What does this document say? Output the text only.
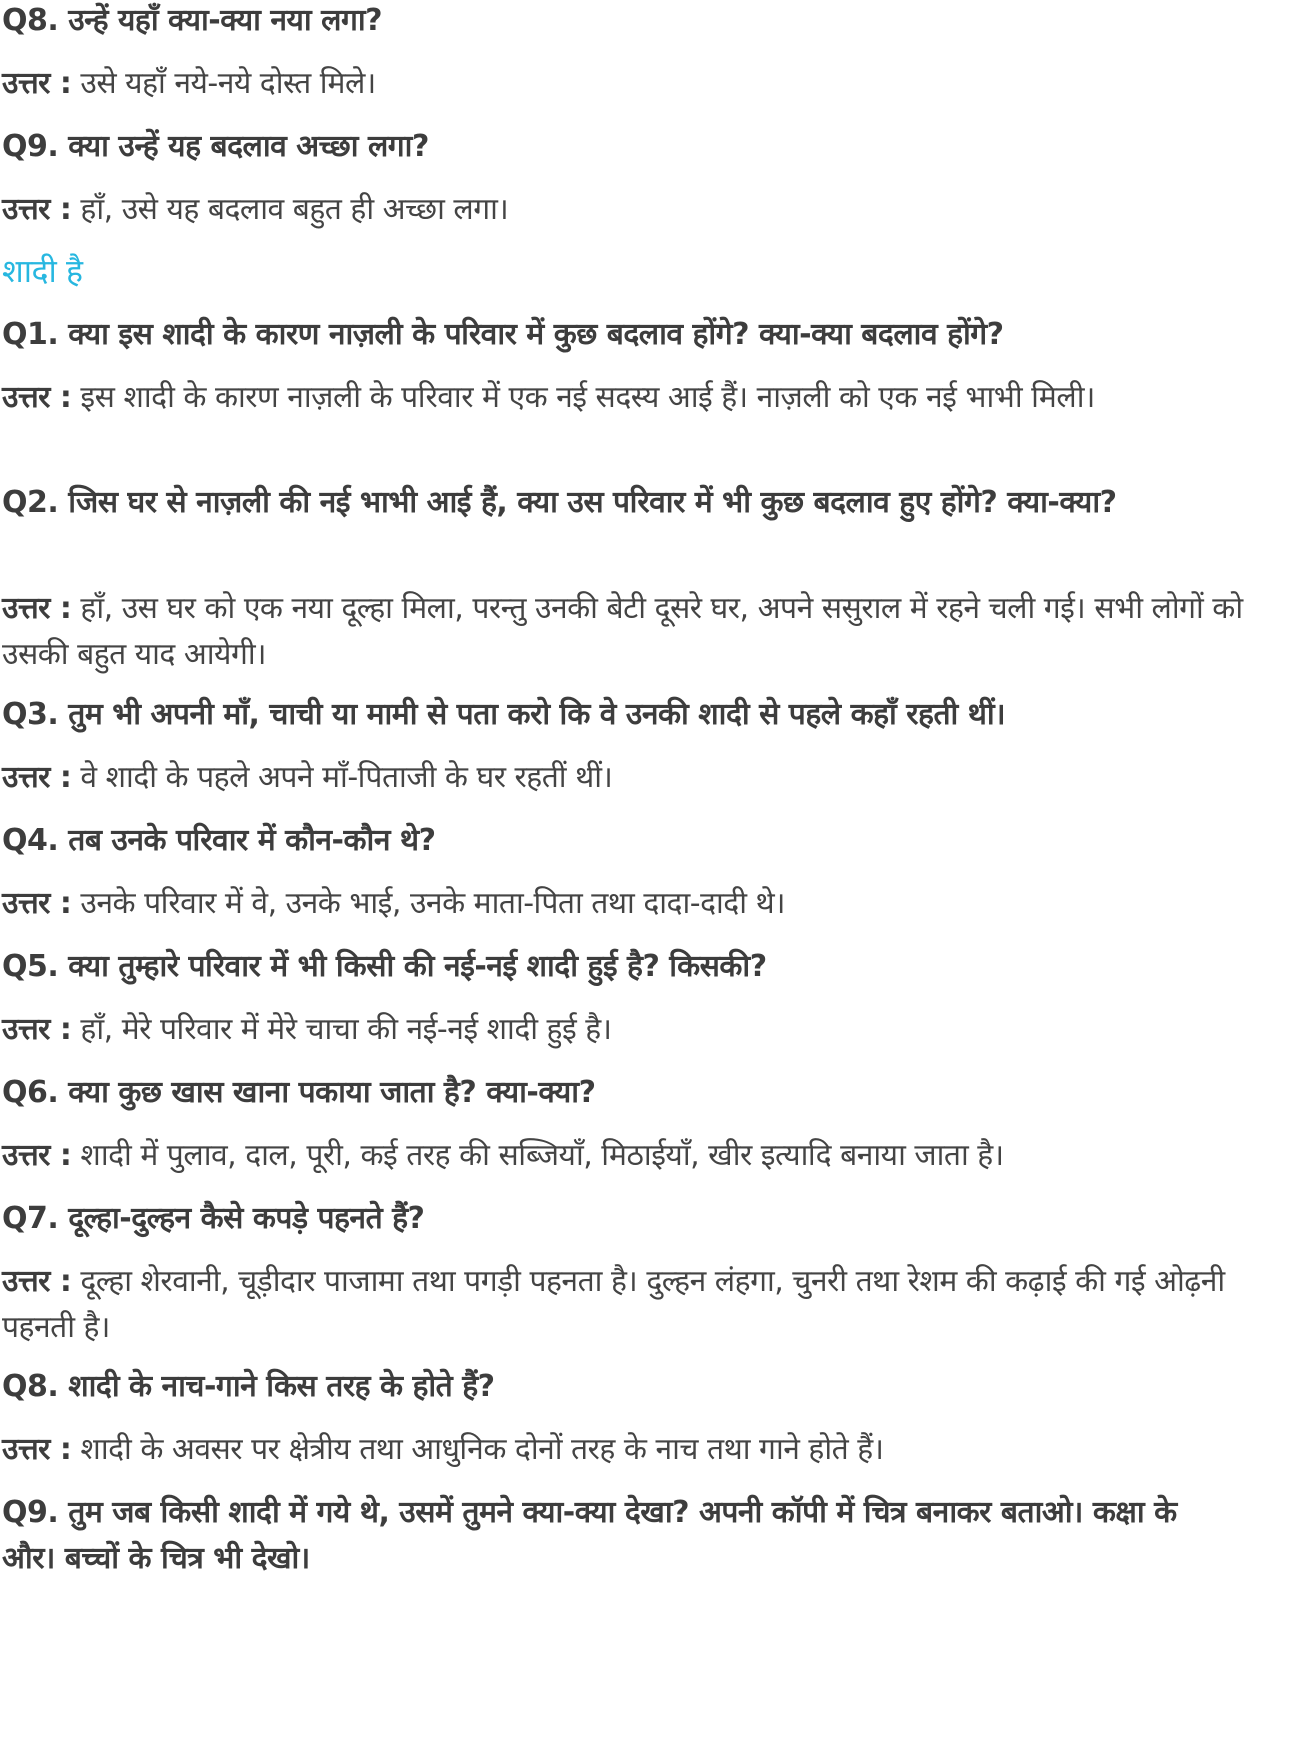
Q8. उन्हें यहाँ क्या-क्या नया लगा?
उत्तर : उसे यहाँ नये-नये दोस्त मिले।
Q9. क्या उन्हें यह बदलाव अच्छा लगा?
उत्तर : हाँ, उसे यह बदलाव बहुत ही अच्छा लगा।
शादी है
Q1. क्या इस शादी के कारण नाज़ली के परिवार में कुछ बदलाव होंगे? क्या-क्या बदलाव होंगे?
उत्तर : इस शादी के कारण नाज़ली के परिवार में एक नई सदस्य आई हैं। नाज़ली को एक नई भाभी मिली।
Q2. जिस घर से नाज़ली की नई भाभी आई हैं, क्या उस परिवार में भी कुछ बदलाव हुए होंगे? क्या-क्या?
उत्तर : हाँ, उस घर को एक नया दूल्हा मिला, परन्तु उनकी बेटी दूसरे घर, अपने ससुराल में रहने चली गई। सभी लोगों को उसकी बहुत याद आयेगी।
Q3. तुम भी अपनी माँ, चाची या मामी से पता करो कि वे उनकी शादी से पहले कहाँ रहती थीं।
उत्तर : वे शादी के पहले अपने माँ-पिताजी के घर रहतीं थीं।
Q4. तब उनके परिवार में कौन-कौन थे?
उत्तर : उनके परिवार में वे, उनके भाई, उनके माता-पिता तथा दादा-दादी थे।
Q5. क्या तुम्हारे परिवार में भी किसी की नई-नई शादी हुई है? किसकी?
उत्तर : हाँ, मेरे परिवार में मेरे चाचा की नई-नई शादी हुई है।
Q6. क्या कुछ खास खाना पकाया जाता है? क्या-क्या?
उत्तर : शादी में पुलाव, दाल, पूरी, कई तरह की सब्जियाँ, मिठाईयाँ, खीर इत्यादि बनाया जाता है।
Q7. दूल्हा-दुल्हन कैसे कपड़े पहनते हैं?
उत्तर : दूल्हा शेरवानी, चूड़ीदार पाजामा तथा पगड़ी पहनता है। दुल्हन लंहगा, चुनरी तथा रेशम की कढ़ाई की गई ओढ़नी पहनती है।
Q8. शादी के नाच-गाने किस तरह के होते हैं?
उत्तर : शादी के अवसर पर क्षेत्रीय तथा आधुनिक दोनों तरह के नाच तथा गाने होते हैं।
Q9. तुम जब किसी शादी में गये थे, उसमें तुमने क्या-क्या देखा? अपनी कॉपी में चित्र बनाकर बताओ। कक्षा के और। बच्चों के चित्र भी देखो।
